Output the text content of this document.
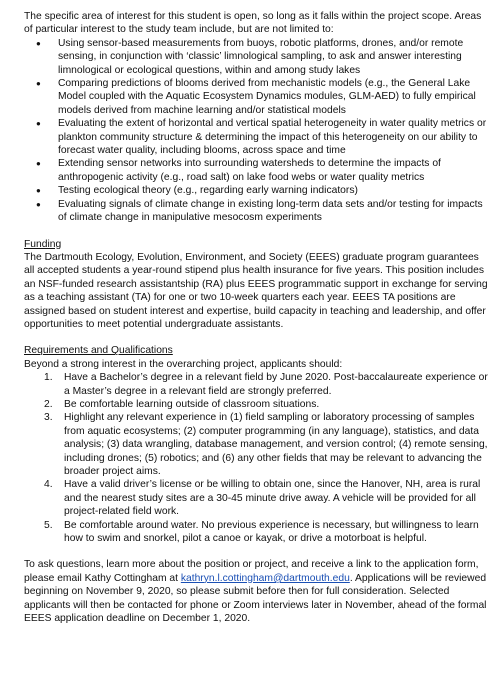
The specific area of interest for this student is open, so long as it falls within the project scope. Areas of particular interest to the study team include, but are not limited to:

● Using sensor-based measurements from buoys, robotic platforms, drones, and/or remote sensing, in conjunction with ‘classic’ limnological sampling, to ask and answer interesting limnological or ecological questions, within and among study lakes
● Comparing predictions of blooms derived from mechanistic models (e.g., the General Lake Model coupled with the Aquatic Ecosystem Dynamics modules, GLM-AED) to fully empirical models derived from machine learning and/or statistical models
● Evaluating the extent of horizontal and vertical spatial heterogeneity in water quality metrics or plankton community structure & determining the impact of this heterogeneity on our ability to forecast water quality, including blooms, across space and time
● Extending sensor networks into surrounding watersheds to determine the impacts of anthropogenic activity (e.g., road salt) on lake food webs or water quality metrics
● Testing ecological theory (e.g., regarding early warning indicators)
● Evaluating signals of climate change in existing long-term data sets and/or testing for impacts of climate change in manipulative mesocosm experiments

Funding

The Dartmouth Ecology, Evolution, Environment, and Society (EEES) graduate program guarantees all accepted students a year-round stipend plus health insurance for five years. This position includes an NSF-funded research assistantship (RA) plus EEES programmatic support in exchange for serving as a teaching assistant (TA) for one or two 10-week quarters each year. EEES TA positions are assigned based on student interest and expertise, build capacity in teaching and leadership, and offer opportunities to meet potential undergraduate assistants.

Requirements and Qualifications

Beyond a strong interest in the overarching project, applicants should:

1. Have a Bachelor’s degree in a relevant field by June 2020. Post-baccalaureate experience or a Master’s degree in a relevant field are strongly preferred.
2. Be comfortable learning outside of classroom situations.
3. Highlight any relevant experience in (1) field sampling or laboratory processing of samples from aquatic ecosystems; (2) computer programming (in any language), statistics, and data analysis; (3) data wrangling, database management, and version control; (4) remote sensing, including drones; (5) robotics; and (6) any other fields that may be relevant to advancing the broader project aims.
4. Have a valid driver’s license or be willing to obtain one, since the Hanover, NH, area is rural and the nearest study sites are a 30-45 minute drive away. A vehicle will be provided for all project-related field work.
5. Be comfortable around water. No previous experience is necessary, but willingness to learn how to swim and snorkel, pilot a canoe or kayak, or drive a motorboat is helpful.

To ask questions, learn more about the position or project, and receive a link to the application form, please email Kathy Cottingham at kathryn.l.cottingham@dartmouth.edu. Applications will be reviewed beginning on November 9, 2020, so please submit before then for full consideration. Selected applicants will then be contacted for phone or Zoom interviews later in November, ahead of the formal EEES application deadline on December 1, 2020.
